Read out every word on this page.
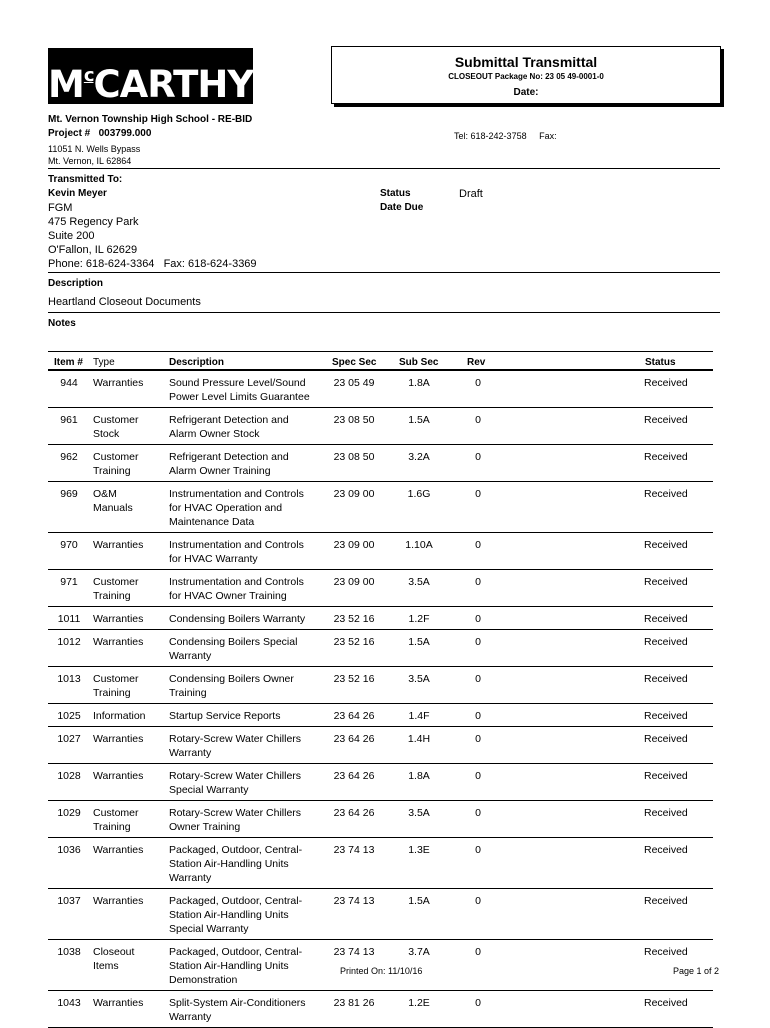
$M^cCARTHY$
Submittal Transmittal
CLOSEOUT Package No: 23 05 49-0001-0
Date:
Mt. Vernon Township High School - RE-BID
Project # 003799.000
11051 N. Wells Bypass
Mt. Vernon, IL 62864
Tel: 618-242-3758 Fax:
Transmitted To:
Kevin Meyer
FGM
475 Regency Park
Suite 200
O'Fallon, IL 62629
Phone: 618-624-3364   Fax: 618-624-3369
Status	Draft
Date Due
Description
Heartland Closeout Documents
Notes
Item # Type	Description	Spec Sec Sub Sec	Rev	Status
944	Warranties	Sound Pressure Level/Sound
Power Level Limits Guarantee
23 05 49	1.8A	0	Received
961	Customer
Stock
Refrigerant Detection and
Alarm Owner Stock
23 08 50	1.5A	0	Received
962	Customer
Training
Refrigerant Detection and
Alarm Owner Training
23 08 50	3.2A	0	Received
969	O&M
Manuals
Instrumentation and Controls
for HVAC Operation and
Maintenance Data
23 09 00	1.6G	0	Received
970	Warranties	Instrumentation and Controls
for HVAC Warranty
23 09 00	1.10A	0	Received
971	Customer
Training
Instrumentation and Controls
for HVAC Owner Training
23 09 00	3.5A	0	Received
1011	Warranties	Condensing Boilers Warranty	23 52 16	1.2F	0	Received
1012	Warranties	Condensing Boilers Special
Warranty
23 52 16	1.5A	0	Received
1013	Customer
Training
Condensing Boilers Owner
Training
23 52 16	3.5A	0	Received
1025	Information	Startup Service Reports	23 64 26	1.4F	0	Received
1027	Warranties	Rotary-Screw Water Chillers
Warranty
23 64 26	1.4H	0	Received
1028	Warranties	Rotary-Screw Water Chillers
Special Warranty
23 64 26	1.8A	0	Received
1029	Customer
Training
Rotary-Screw Water Chillers
Owner Training
23 64 26	3.5A	0	Received
1036	Warranties	Packaged, Outdoor, Central-
Station Air-Handling Units
Warranty
23 74 13	1.3E	0	Received
1037	Warranties	Packaged, Outdoor, Central-
Station Air-Handling Units
Special Warranty
23 74 13	1.5A	0	Received
1038	Closeout
Items
Packaged, Outdoor, Central-
Station Air-Handling Units
Demonstration
23 74 13	3.7A	0	Received
1043	Warranties	Split-System Air-Conditioners
Warranty
23 81 26	1.2E	0	Received
Printed On: 11/10/16	Page 1 of 2
